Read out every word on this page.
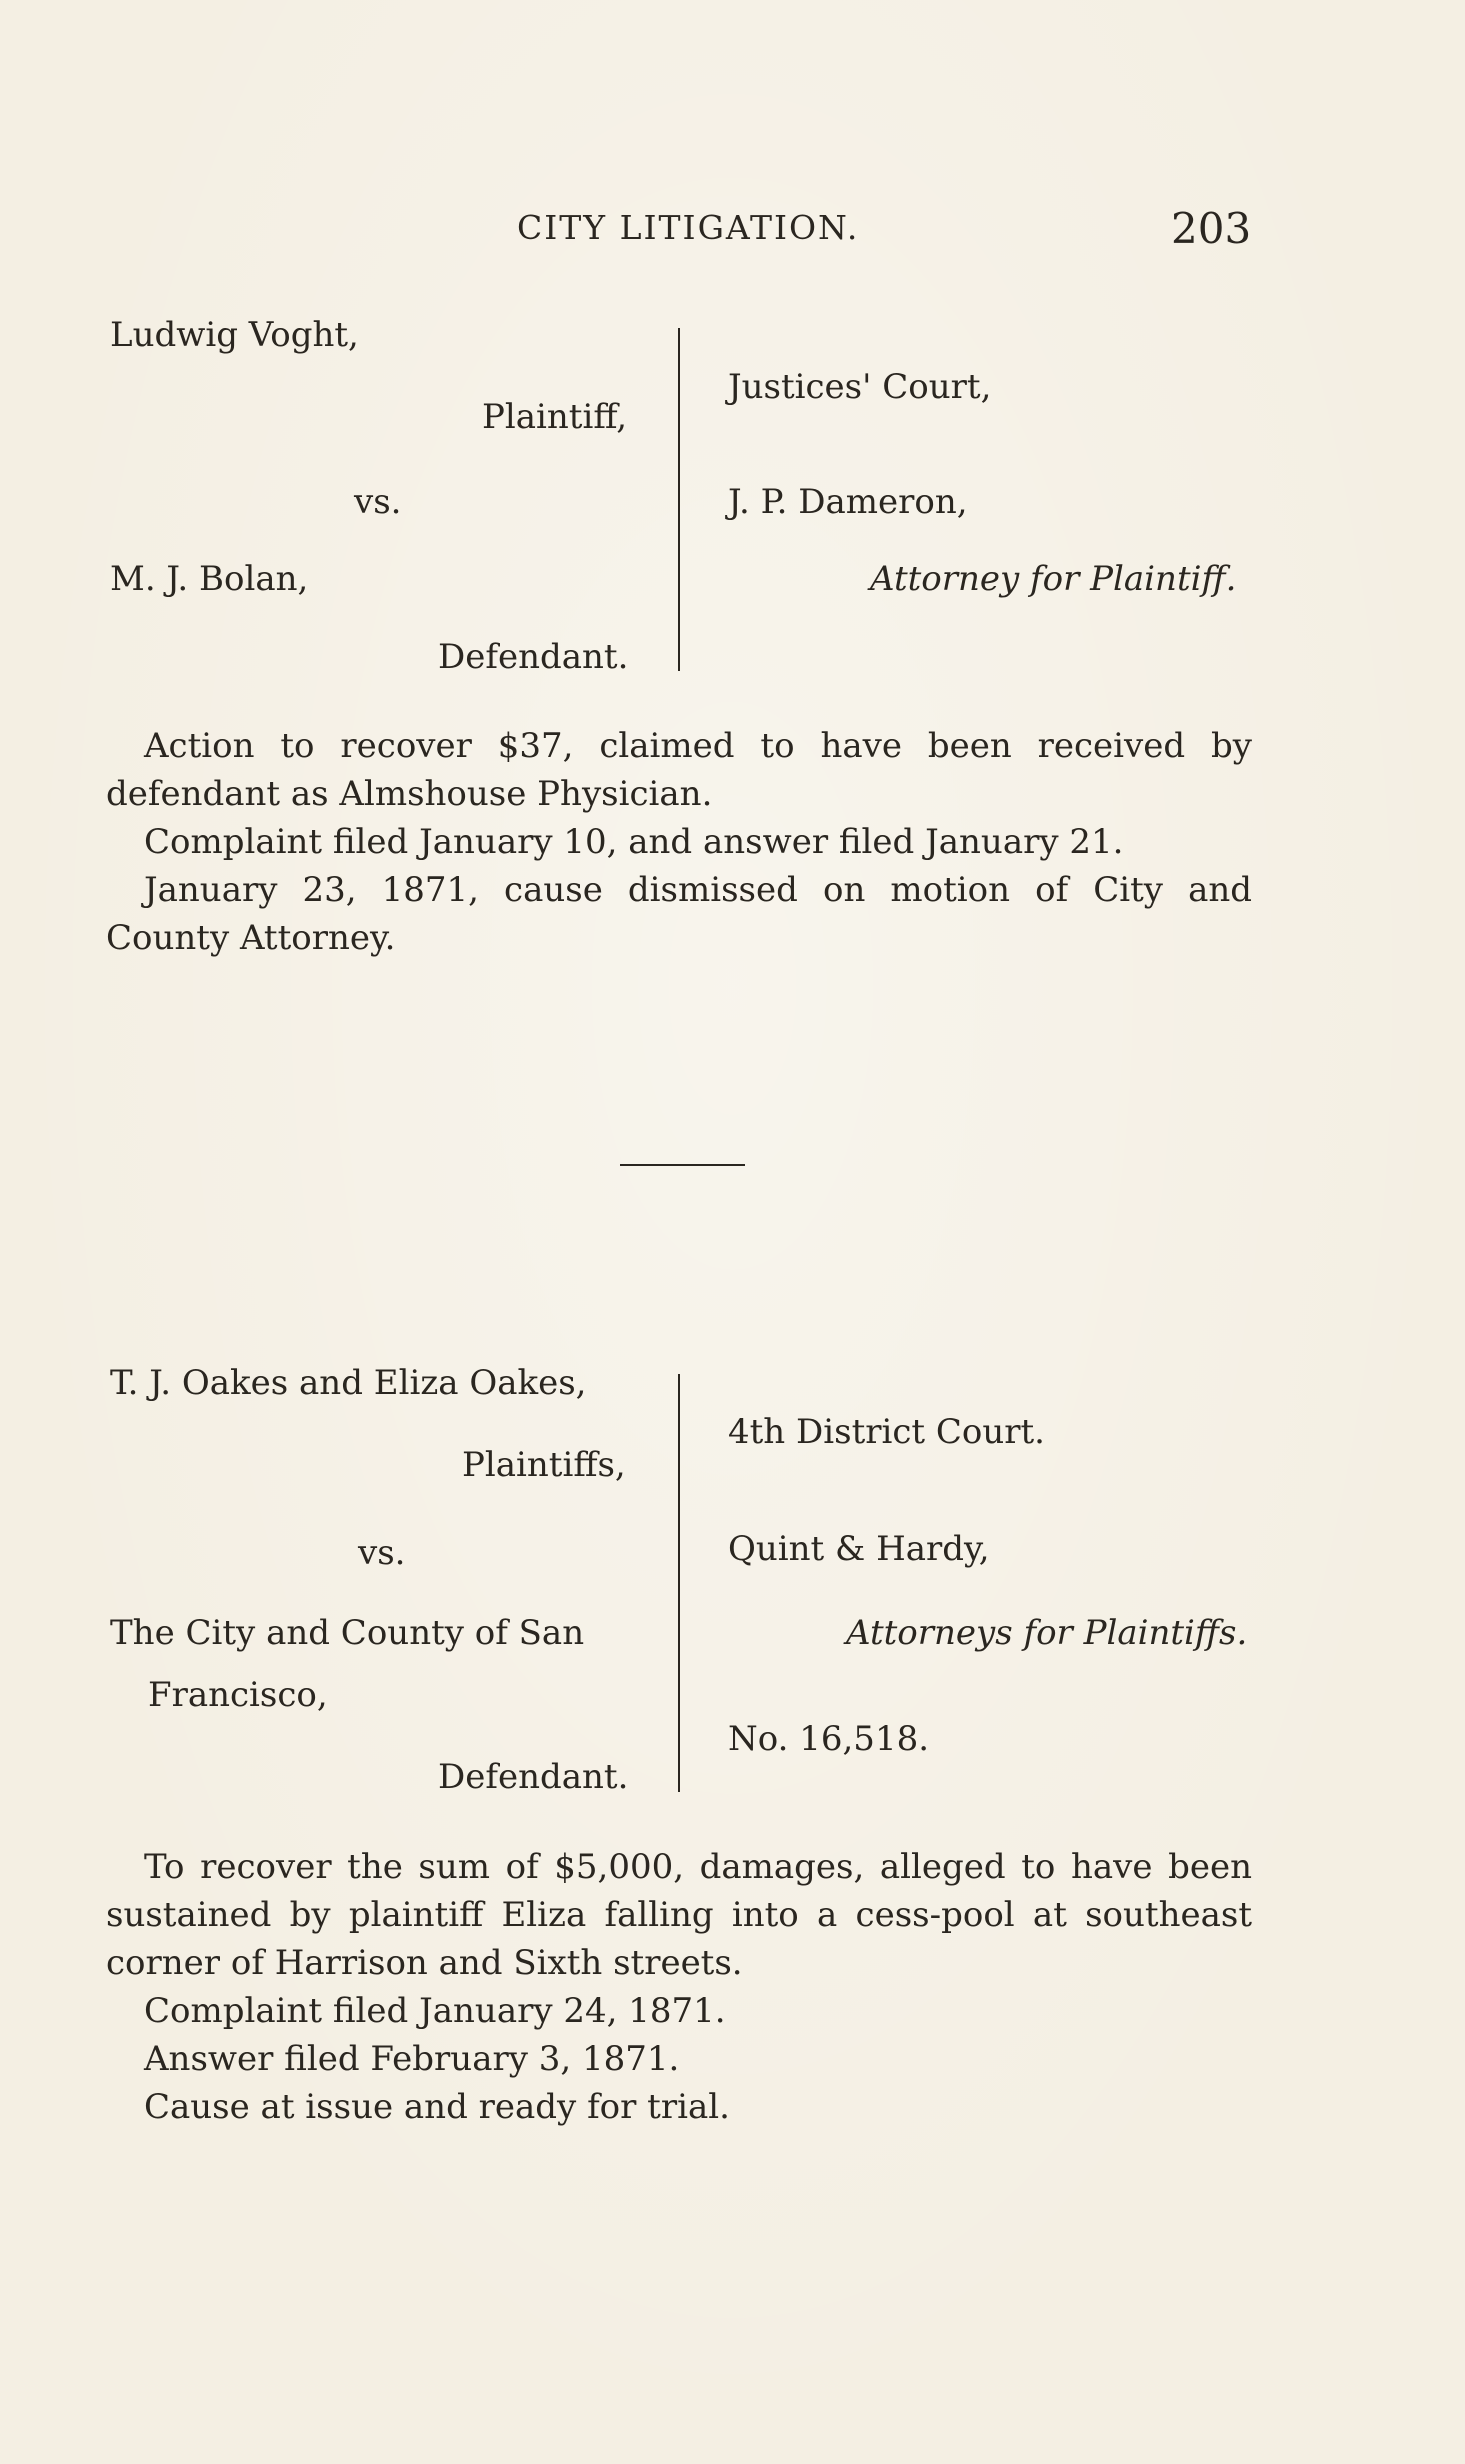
CITY LITIGATION.	203
Ludwig Voght,
Plaintiff,
vs.
M. J. Bolan,
Defendant.
Justices' Court,
J. P. Dameron,
Attorney for Plaintiff.

Action to recover $37, claimed to have been received by defendant as Almshouse Physician.

Complaint filed January 10, and answer filed January 21.

January 23, 1871, cause dismissed on motion of City and County Attorney.

T. J. Oakes and Eliza Oakes,
Plaintiffs,
vs.
The City and County of San
Francisco,
Defendant.
4th District Court.
Quint & Hardy,
Attorneys for Plaintiffs.
No. 16,518.

To recover the sum of $5,000, damages, alleged to have been sustained by plaintiff Eliza falling into a cess-pool at southeast corner of Harrison and Sixth streets.

Complaint filed January 24, 1871.

Answer filed February 3, 1871.

Cause at issue and ready for trial.
